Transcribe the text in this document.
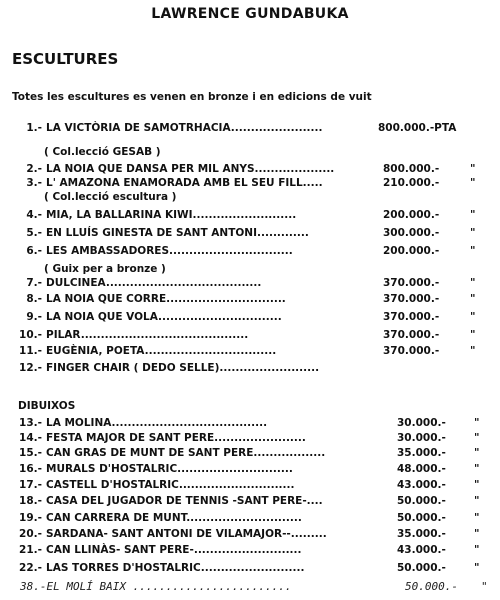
LAWRENCE GUNDABUKA
ESCULTURES
Totes les escultures es venen en bronze i en edicions de vuit
1.- LA VICTÒRIA DE SAMOTRHACIA.......................	800.000.-PTA
2.- LA NOIA QUE DANSA PER MIL ANYS....................	800.000.-	"
3.- L' AMAZONA ENAMORADA AMB EL SEU FILL.....	210.000.-	"
4.- MIA, LA BALLARINA KIWI..........................	200.000.-	"
5.- EN LLUÍS GINESTA DE SANT ANTONI.............	300.000.-	"
6.- LES AMBASSADORES...............................	200.000.-	"
7.- DULCINEA.......................................	370.000.-	"
8.- LA NOIA QUE CORRE..............................	370.000.-	"
9.- LA NOIA QUE VOLA...............................	370.000.-	"
10.- PILAR..........................................	370.000.-	"
11.- EUGÈNIA, POETA.................................	370.000.-	"
12.- FINGER CHAIR ( DEDO SELLE).........................
( Col.lecció GESAB )
( Col.lecció escultura )
( Guix per a bronze )
DIBUIXOS
13.- LA MOLINA.......................................	30.000.-	"
14.- FESTA MAJOR DE SANT PERE.......................	30.000.-	"
15.- CAN GRAS DE MUNT DE SANT PERE..................	35.000.-	"
16.- MURALS D'HOSTALRIC.............................	48.000.-	"
17.- CASTELL D'HOSTALRIC.............................	43.000.-	"
18.- CASA DEL JUGADOR DE TENNIS -SANT PERE-....	50.000.-	"
19.- CAN CARRERA DE MUNT.............................	50.000.-	"
20.- SARDANA- SANT ANTONI DE VILAMAJOR--.........	35.000.-	"
21.- CAN LLINÀS- SANT PERE-...........................	43.000.-	"
22.- LAS TORRES D'HOSTALRIC..........................	50.000.-	"
38.-EL MOLÍ BAIX ........................	50.000.- "
